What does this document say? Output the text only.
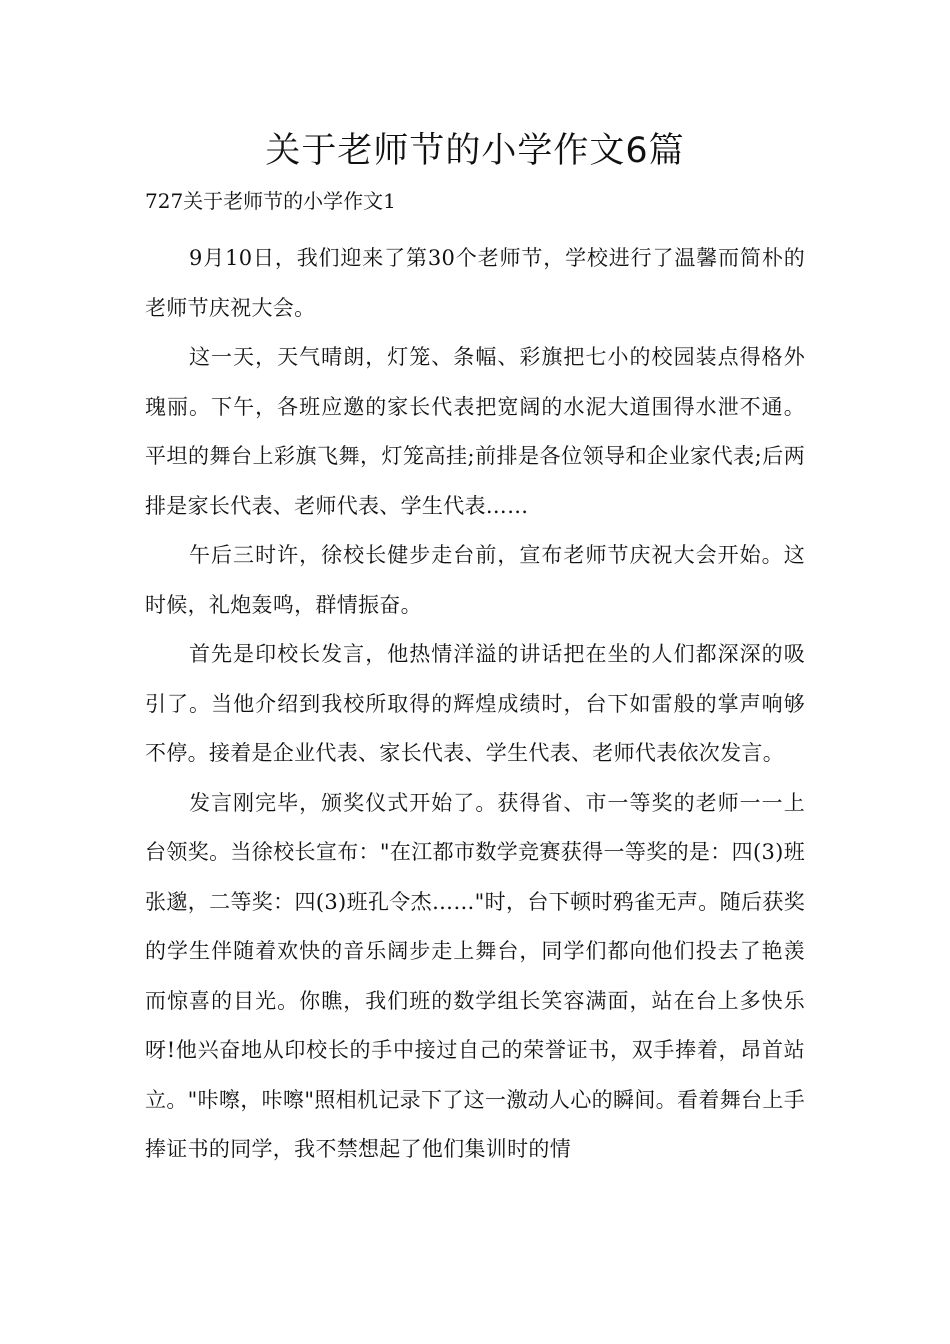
关于老师节的小学作文6篇

727关于老师节的小学作文1

9月10日，我们迎来了第30个老师节，学校进行了温馨而简朴的老师节庆祝大会。

这一天，天气晴朗，灯笼、条幅、彩旗把七小的校园装点得格外瑰丽。下午，各班应邀的家长代表把宽阔的水泥大道围得水泄不通。平坦的舞台上彩旗飞舞，灯笼高挂;前排是各位领导和企业家代表;后两排是家长代表、老师代表、学生代表……

午后三时许，徐校长健步走台前，宣布老师节庆祝大会开始。这时候，礼炮轰鸣，群情振奋。

首先是印校长发言，他热情洋溢的讲话把在坐的人们都深深的吸引了。当他介绍到我校所取得的辉煌成绩时，台下如雷般的掌声响够不停。接着是企业代表、家长代表、学生代表、老师代表依次发言。

发言刚完毕，颁奖仪式开始了。获得省、市一等奖的老师一一上台领奖。当徐校长宣布："在江都市数学竞赛获得一等奖的是：四(3)班张邈，二等奖：四(3)班孔令杰……"时，台下顿时鸦雀无声。随后获奖的学生伴随着欢快的音乐阔步走上舞台，同学们都向他们投去了艳羡而惊喜的目光。你瞧，我们班的数学组长笑容满面，站在台上多快乐呀!他兴奋地从印校长的手中接过自己的荣誉证书，双手捧着，昂首站立。"咔嚓，咔嚓"照相机记录下了这一激动人心的瞬间。看着舞台上手捧证书的同学，我不禁想起了他们集训时的情
